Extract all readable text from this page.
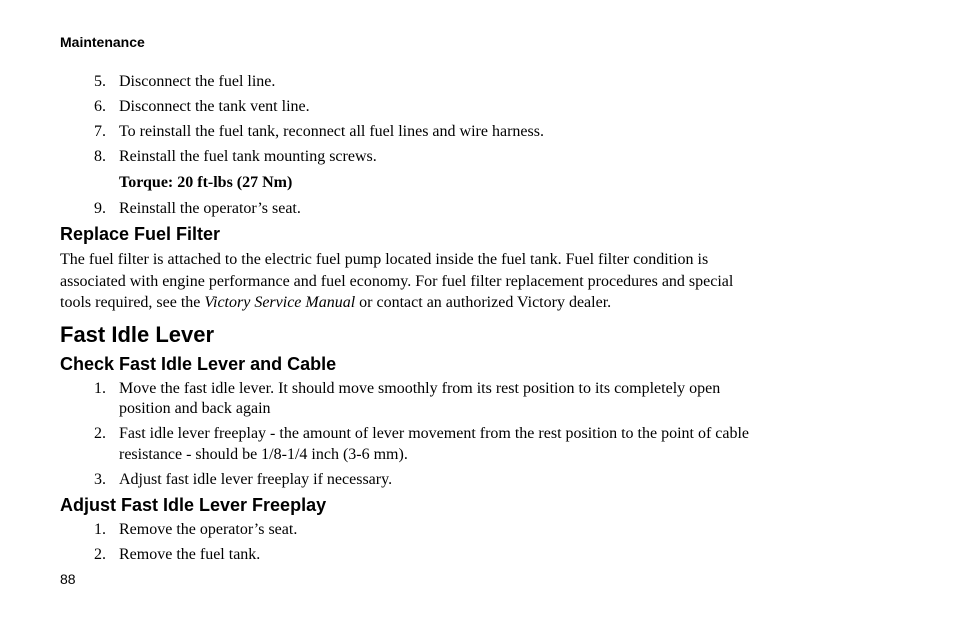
Maintenance
5. Disconnect the fuel line.
6. Disconnect the tank vent line.
7. To reinstall the fuel tank, reconnect all fuel lines and wire harness.
8. Reinstall the fuel tank mounting screws.
Torque: 20 ft-lbs (27 Nm)
9. Reinstall the operator’s seat.
Replace Fuel Filter
The fuel filter is attached to the electric fuel pump located inside the fuel tank. Fuel filter condition is
associated with engine performance and fuel economy. For fuel filter replacement procedures and special
tools required, see the Victory Service Manual or contact an authorized Victory dealer.
Fast Idle Lever
Check Fast Idle Lever and Cable
1. Move the fast idle lever. It should move smoothly from its rest position to its completely open
position and back again
2. Fast idle lever freeplay - the amount of lever movement from the rest position to the point of cable
resistance - should be 1/8-1/4 inch (3-6 mm).
3. Adjust fast idle lever freeplay if necessary.
Adjust Fast Idle Lever Freeplay
1. Remove the operator’s seat.
2. Remove the fuel tank.
88
